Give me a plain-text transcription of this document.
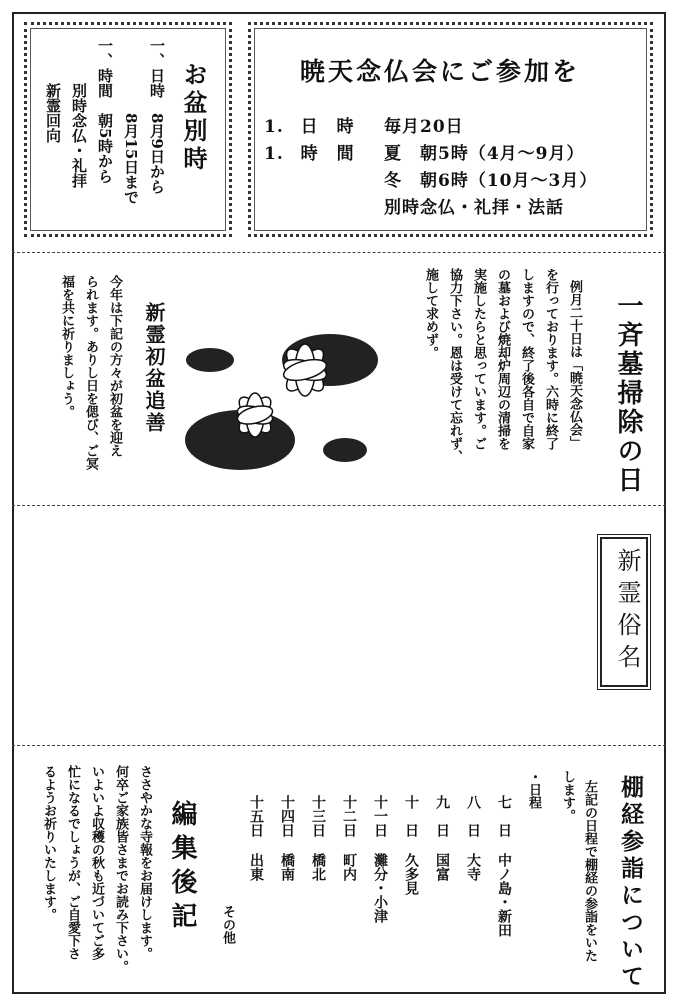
お盆別時
一、日時　8月9日から
　　　　　8月15日まで
一、時間　朝5時から
　　　別時念仏・礼拝
　　　新霊回向	暁天念仏会にご参加を
1. 日　時 毎月20日
1. 時　間 夏　朝5時（4月～9月）
冬　朝6時（10月～3月）
別時念仏・礼拝・法話
一斉墓掃除の日
例月二十日は「暁天念仏会」
を行っております。六時に終了
しますので、終了後各自で自家
の墓および焼却炉周辺の清掃を
実施したらと思っています。ご
協力下さい。恩は受けて忘れず、
施して求めず。
新霊初盆追善
今年は下記の方々が初盆を迎え
られます。ありし日を偲び、ご冥
福を共に祈りましょう。
新霊俗名
棚経参詣について
左記の日程で棚経の参詣をいた
します。
・日程
七　日中ノ島・新田
八　日大寺
九　日国富
十　日久多見
十一日灘分・小津
十二日町内
十三日橋北
十四日橋南
十五日出東
その他
編集後記
ささやかな寺報をお届けします。
何卒ご家族皆さまでお読み下さい。
いよいよ収穫の秋も近づいてご多
忙になるでしょうが、ご自愛下さ
るようお祈りいたします。
